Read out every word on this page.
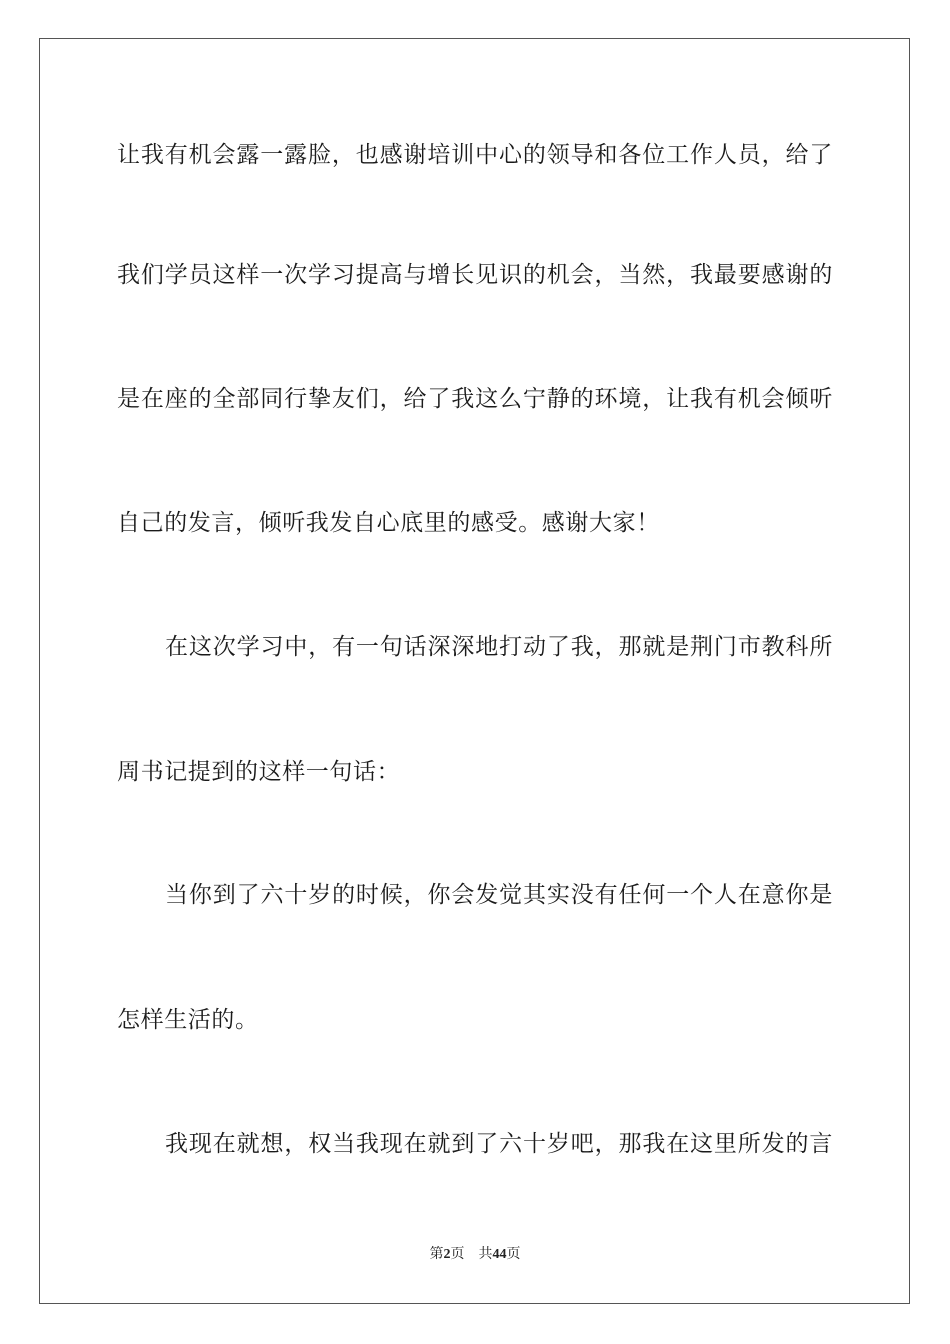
让我有机会露一露脸，也感谢培训中心的领导和各位工作人员，给了
我们学员这样一次学习提高与增长见识的机会，当然，我最要感谢的
是在座的全部同行挚友们，给了我这么宁静的环境，让我有机会倾听
自己的发言，倾听我发自心底里的感受。感谢大家！
在这次学习中，有一句话深深地打动了我，那就是荆门市教科所
周书记提到的这样一句话：
当你到了六十岁的时候，你会发觉其实没有任何一个人在意你是
怎样生活的。
我现在就想，权当我现在就到了六十岁吧，那我在这里所发的言
第2页 共44页
